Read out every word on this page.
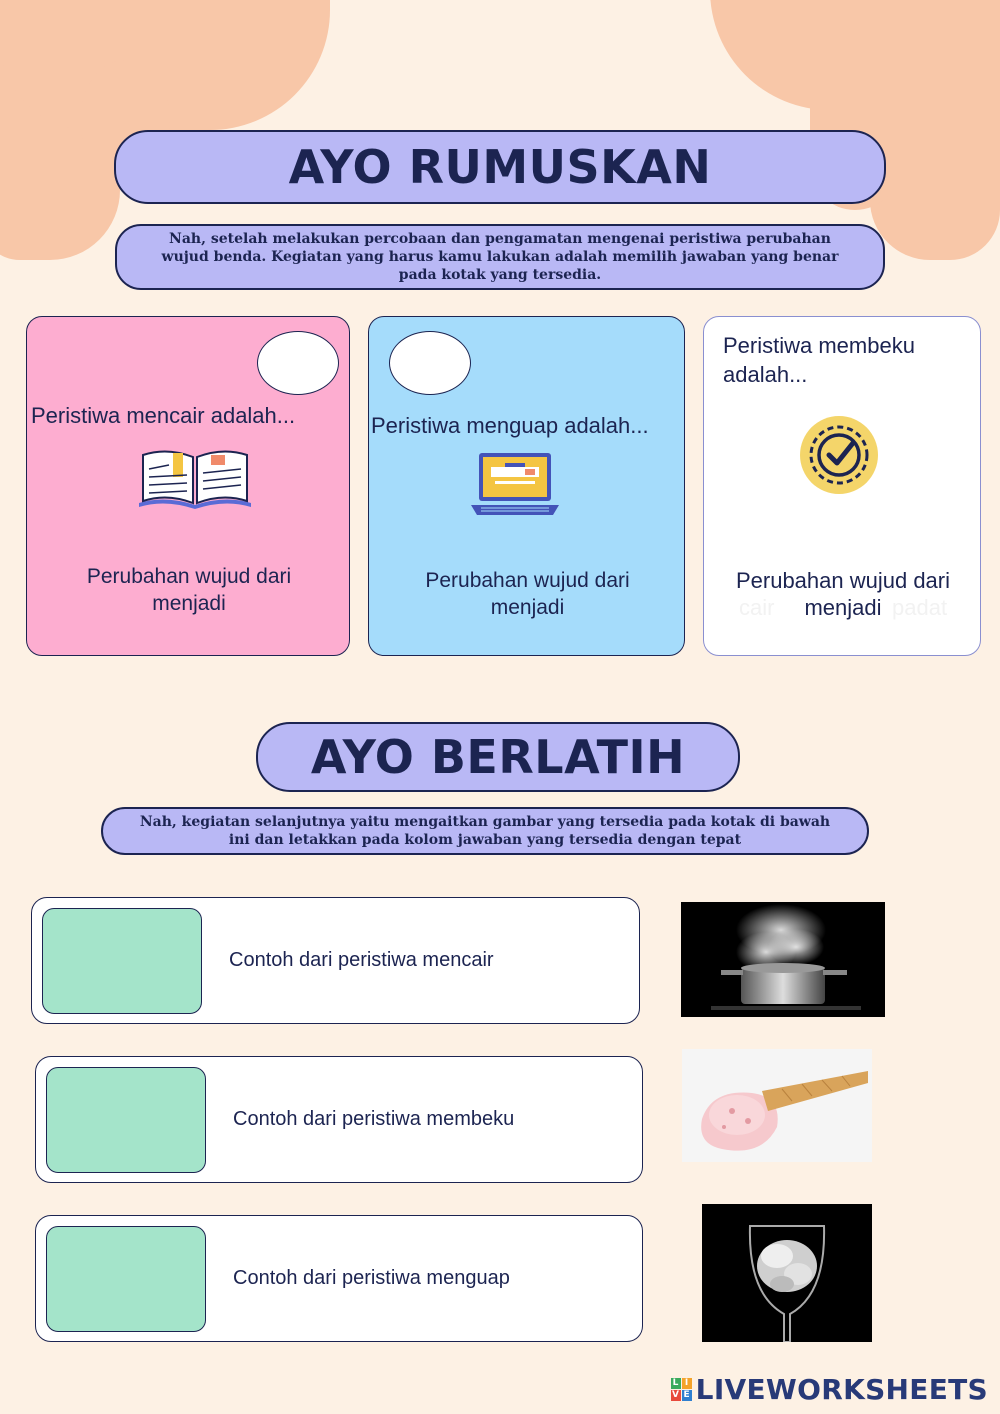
AYO RUMUSKAN
Nah, setelah melakukan percobaan dan pengamatan mengenai peristiwa perubahan wujud benda. Kegiatan yang harus kamu lakukan adalah memilih jawaban yang benar pada kotak yang tersedia.
Peristiwa mencair adalah...
Perubahan wujud dari
menjadi
Peristiwa menguap adalah...
Perubahan wujud dari
menjadi
Peristiwa membeku
adalah...
Perubahan wujud dari
cair menjadi padat
AYO BERLATIH
Nah, kegiatan selanjutnya yaitu mengaitkan gambar yang tersedia pada kotak di bawah ini dan letakkan pada kolom jawaban yang tersedia dengan tepat
Contoh dari peristiwa mencair
Contoh dari peristiwa membeku
Contoh dari peristiwa menguap
L I
V E LIVEWORKSHEETS
